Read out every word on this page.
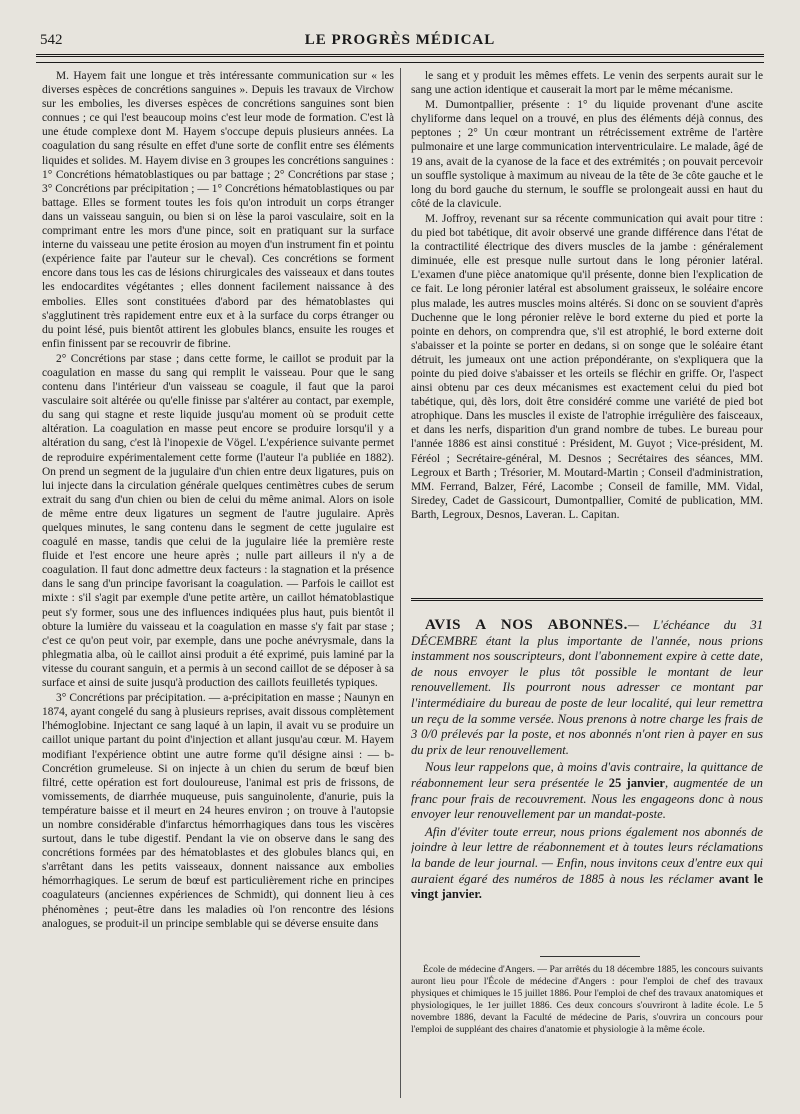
542	LE PROGRÈS MÉDICAL

M. Hayem fait une longue et très intéressante communication sur « les diverses espèces de concrétions sanguines ». Depuis les travaux de Virchow sur les embolies, les diverses espèces de concrétions sanguines sont bien connues ; ce qui l'est beaucoup moins c'est leur mode de formation. C'est là une étude complexe dont M. Hayem s'occupe depuis plusieurs années. La coagulation du sang résulte en effet d'une sorte de conflit entre ses éléments liquides et solides. M. Hayem divise en 3 groupes les concrétions sanguines : 1° Concrétions hématoblastiques ou par battage ; 2° Concrétions par stase ; 3° Concrétions par précipitation ; — 1° Concrétions hématoblastiques ou par battage. Elles se forment toutes les fois qu'on introduit un corps étranger dans un vaisseau sanguin, ou bien si on lèse la paroi vasculaire, soit en la comprimant entre les mors d'une pince, soit en pratiquant sur la surface interne du vaisseau une petite érosion au moyen d'un instrument fin et pointu (expérience faite par l'auteur sur le cheval). Ces concrétions se forment encore dans tous les cas de lésions chirurgicales des vaisseaux et dans toutes les endocardites végétantes ; elles donnent facilement naissance à des embolies. Elles sont constituées d'abord par des hématoblastes qui s'agglutinent très rapidement entre eux et à la surface du corps étranger ou du point lésé, puis bientôt attirent les globules blancs, ensuite les rouges et enfin finissent par se recouvrir de fibrine.

2° Concrétions par stase ; dans cette forme, le caillot se produit par la coagulation en masse du sang qui remplit le vaisseau. Pour que le sang contenu dans l'intérieur d'un vaisseau se coagule, il faut que la paroi vasculaire soit altérée ou qu'elle finisse par s'altérer au contact, par exemple, du sang qui stagne et reste liquide jusqu'au moment où se produit cette altération. La coagulation en masse peut encore se produire lorsqu'il y a altération du sang, c'est là l'inopexie de Vögel. L'expérience suivante permet de reproduire expérimentalement cette forme (l'auteur l'a publiée en 1882). On prend un segment de la jugulaire d'un chien entre deux ligatures, puis on lui injecte dans la circulation générale quelques centimètres cubes de serum extrait du sang d'un chien ou bien de celui du même animal. Alors on isole de même entre deux ligatures un segment de l'autre jugulaire. Après quelques minutes, le sang contenu dans le segment de cette jugulaire est coagulé en masse, tandis que celui de la jugulaire liée la première reste fluide et l'est encore une heure après ; nulle part ailleurs il n'y a de coagulation. Il faut donc admettre deux facteurs : la stagnation et la présence dans le sang d'un principe favorisant la coagulation. — Parfois le caillot est mixte : s'il s'agit par exemple d'une petite artère, un caillot hématoblastique peut s'y former, sous une des influences indiquées plus haut, puis bientôt il obture la lumière du vaisseau et la coagulation en masse s'y fait par stase ; c'est ce qu'on peut voir, par exemple, dans une poche anévrysmale, dans la phlegmatia alba, où le caillot ainsi produit a été exprimé, puis laminé par la vitesse du courant sanguin, et a permis à un second caillot de se déposer à sa surface et ainsi de suite jusqu'à production des caillots feuilletés typiques.

3° Concrétions par précipitation. — a-précipitation en masse ; Naunyn en 1874, ayant congelé du sang à plusieurs reprises, avait dissous complètement l'hémoglobine. Injectant ce sang laqué à un lapin, il avait vu se produire un caillot unique partant du point d'injection et allant jusqu'au cœur. M. Hayem modifiant l'expérience obtint une autre forme qu'il désigne ainsi : — b-Concrétion grumeleuse. Si on injecte à un chien du serum de bœuf bien filtré, cette opération est fort douloureuse, l'animal est pris de frissons, de vomissements, de diarrhée muqueuse, puis sanguinolente, d'anurie, puis la température baisse et il meurt en 24 heures environ ; on trouve à l'autopsie un nombre considérable d'infarctus hémorrhagiques dans tous les viscères surtout, dans le tube digestif. Pendant la vie on observe dans le sang des concrétions formées par des hématoblastes et des globules blancs qui, en s'arrêtant dans les petits vaisseaux, donnent naissance aux embolies hémorrhagiques. Le serum de bœuf est particulièrement riche en principes coagulateurs (anciennes expériences de Schmidt), qui donnent lieu à ces phénomènes ; peut-être dans les maladies où l'on rencontre des lésions analogues, se produit-il un principe semblable qui se déverse ensuite dans

le sang et y produit les mêmes effets. Le venin des serpents aurait sur le sang une action identique et causerait la mort par le même mécanisme.

M. Dumontpallier, présente : 1° du liquide provenant d'une ascite chyliforme dans lequel on a trouvé, en plus des éléments déjà connus, des peptones ; 2° Un cœur montrant un rétrécissement extrême de l'artère pulmonaire et une large communication interventriculaire. Le malade, âgé de 19 ans, avait de la cyanose de la face et des extrémités ; on pouvait percevoir un souffle systolique à maximum au niveau de la tête de 3e côte gauche et le long du bord gauche du sternum, le souffle se prolongeait aussi en haut du côté de la clavicule.

M. Joffroy, revenant sur sa récente communication qui avait pour titre : du pied bot tabétique, dit avoir observé une grande différence dans l'état de la contractilité électrique des divers muscles de la jambe : généralement diminuée, elle est presque nulle surtout dans le long péronier latéral. L'examen d'une pièce anatomique qu'il présente, donne bien l'explication de ce fait. Le long péronier latéral est absolument graisseux, le soléaire encore plus malade, les autres muscles moins altérés. Si donc on se souvient d'après Duchenne que le long péronier relève le bord externe du pied et porte la pointe en dehors, on comprendra que, s'il est atrophié, le bord externe doit s'abaisser et la pointe se porter en dedans, si on songe que le soléaire étant détruit, les jumeaux ont une action prépondérante, on s'expliquera que la pointe du pied doive s'abaisser et les orteils se fléchir en griffe. Or, l'aspect ainsi obtenu par ces deux mécanismes est exactement celui du pied bot tabétique, qui, dès lors, doit être considéré comme une variété de pied bot atrophique. Dans les muscles il existe de l'atrophie irrégulière des faisceaux, et dans les nerfs, disparition d'un grand nombre de tubes. Le bureau pour l'année 1886 est ainsi constitué : Président, M. Guyot ; Vice-président, M. Féréol ; Secrétaire-général, M. Desnos ; Secrétaires des séances, MM. Legroux et Barth ; Trésorier, M. Moutard-Martin ; Conseil d'administration, MM. Ferrand, Balzer, Féré, Lacombe ; Conseil de famille, MM. Vidal, Siredey, Cadet de Gassicourt, Dumontpallier, Comité de publication, MM. Barth, Legroux, Desnos, Laveran. L. Capitan.

AVIS A NOS ABONNÉS.— L'échéance du 31 DÉCEMBRE étant la plus importante de l'année, nous prions instamment nos souscripteurs, dont l'abonnement expire à cette date, de nous envoyer le plus tôt possible le montant de leur renouvellement. Ils pourront nous adresser ce montant par l'intermédiaire du bureau de poste de leur localité, qui leur remettra un reçu de la somme versée. Nous prenons à notre charge les frais de 3 0/0 prélevés par la poste, et nos abonnés n'ont rien à payer en sus du prix de leur renouvellement.

Nous leur rappelons que, à moins d'avis contraire, la quittance de réabonnement leur sera présentée le 25 janvier, augmentée de un franc pour frais de recouvrement. Nous les engageons donc à nous envoyer leur renouvellement par un mandat-poste.

Afin d'éviter toute erreur, nous prions également nos abonnés de joindre à leur lettre de réabonnement et à toutes leurs réclamations la bande de leur journal. — Enfin, nous invitons ceux d'entre eux qui auraient égaré des numéros de 1885 à nous les réclamer avant le vingt janvier.

École de médecine d'Angers. — Par arrêtés du 18 décembre 1885, les concours suivants auront lieu pour l'École de médecine d'Angers : pour l'emploi de chef des travaux physiques et chimiques le 15 juillet 1886. Pour l'emploi de chef des travaux anatomiques et physiologiques, le 1er juillet 1886. Ces deux concours s'ouvriront à ladite école. Le 5 novembre 1886, devant la Faculté de médecine de Paris, s'ouvrira un concours pour l'emploi de suppléant des chaires d'anatomie et physiologie à la même école.
